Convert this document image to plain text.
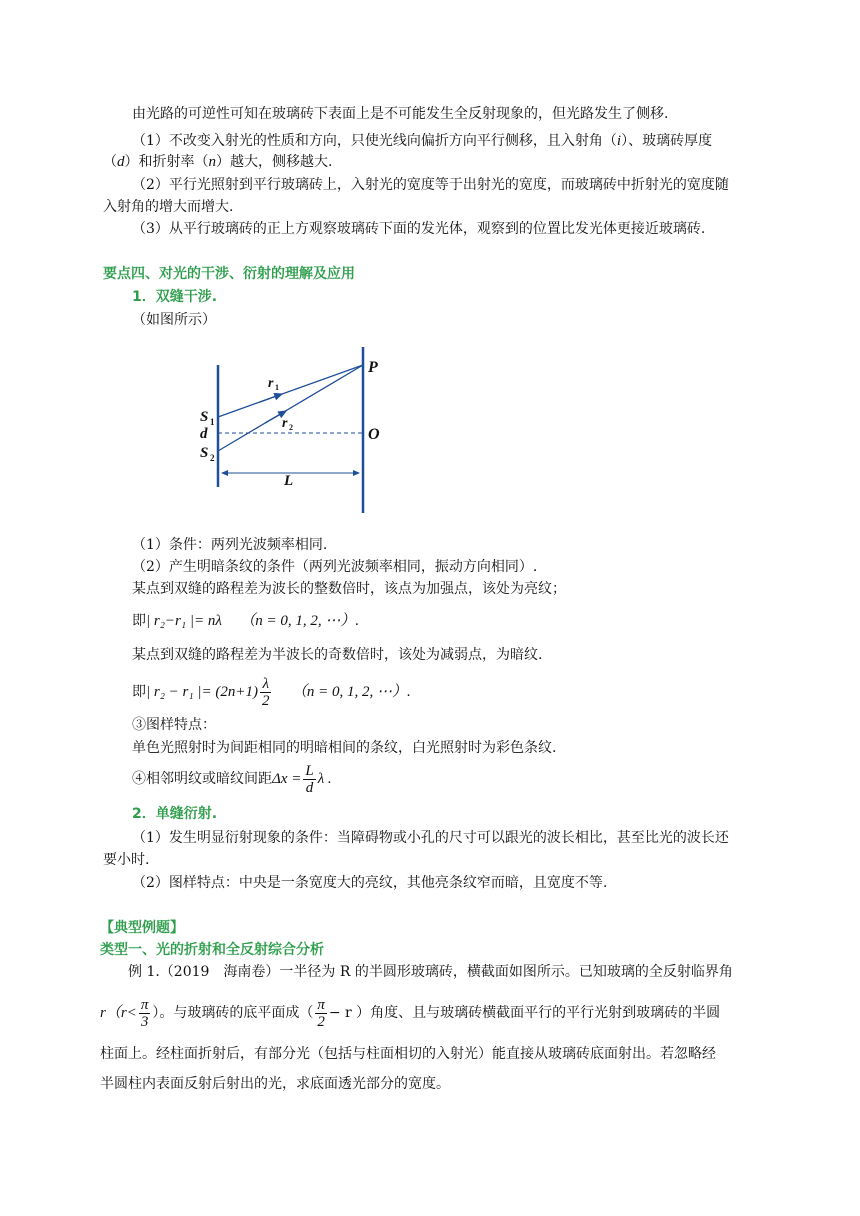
由光路的可逆性可知在玻璃砖下表面上是不可能发生全反射现象的，但光路发生了侧移.
（1）不改变入射光的性质和方向，只使光线向偏折方向平行侧移，且入射角（i）、玻璃砖厚度
（d）和折射率（n）越大，侧移越大.
（2）平行光照射到平行玻璃砖上，入射光的宽度等于出射光的宽度，而玻璃砖中折射光的宽度随
入射角的增大而增大.
（3）从平行玻璃砖的正上方观察玻璃砖下面的发光体，观察到的位置比发光体更接近玻璃砖.
要点四、对光的干涉、衍射的理解及应用
1．双缝干涉.
（如图所示）
P
O
S 1
d
S 2
r 1
r 2
L
（1）条件：两列光波频率相同.
（2）产生明暗条纹的条件（两列光波频率相同，振动方向相同）.
某点到双缝的路程差为波长的整数倍时，该点为加强点，该处为亮纹；
即| r₂−r₁ |= nλ （n = 0, 1, 2, ⋯）.
某点到双缝的路程差为半波长的奇数倍时，该处为减弱点，为暗纹.
即| r₂ − r₁ |= $(2n+1) \frac{\lambda}{2} (n = 0$, 1, 2, ⋯）.
③图样特点：
单色光照射时为间距相同的明暗相间的条纹，白光照射时为彩色条纹.
④相邻明纹或暗纹间距$\Delta x = \frac{L}{d}$ λ .
2．单缝衍射.
（1）发生明显衍射现象的条件：当障碍物或小孔的尺寸可以跟光的波长相比，甚至比光的波长还
要小时.
（2）图样特点：中央是一条宽度大的亮纹，其他亮条纹窄而暗，且宽度不等.
【典型例题】
类型一、光的折射和全反射综合分析
例 1.（2019　海南卷）一半径为 R 的半圆形玻璃砖，横截面如图所示。已知玻璃的全反射临界角
$r(r< \frac{\pi}{3}$ ）。与玻璃砖的底平面成（ $\frac{\pi}{2} - r$ ）角度、且与玻璃砖横截面平行的平行光射到玻璃砖的半圆
柱面上。经柱面折射后，有部分光（包括与柱面相切的入射光）能直接从玻璃砖底面射出。若忽略经
半圆柱内表面反射后射出的光，求底面透光部分的宽度。
